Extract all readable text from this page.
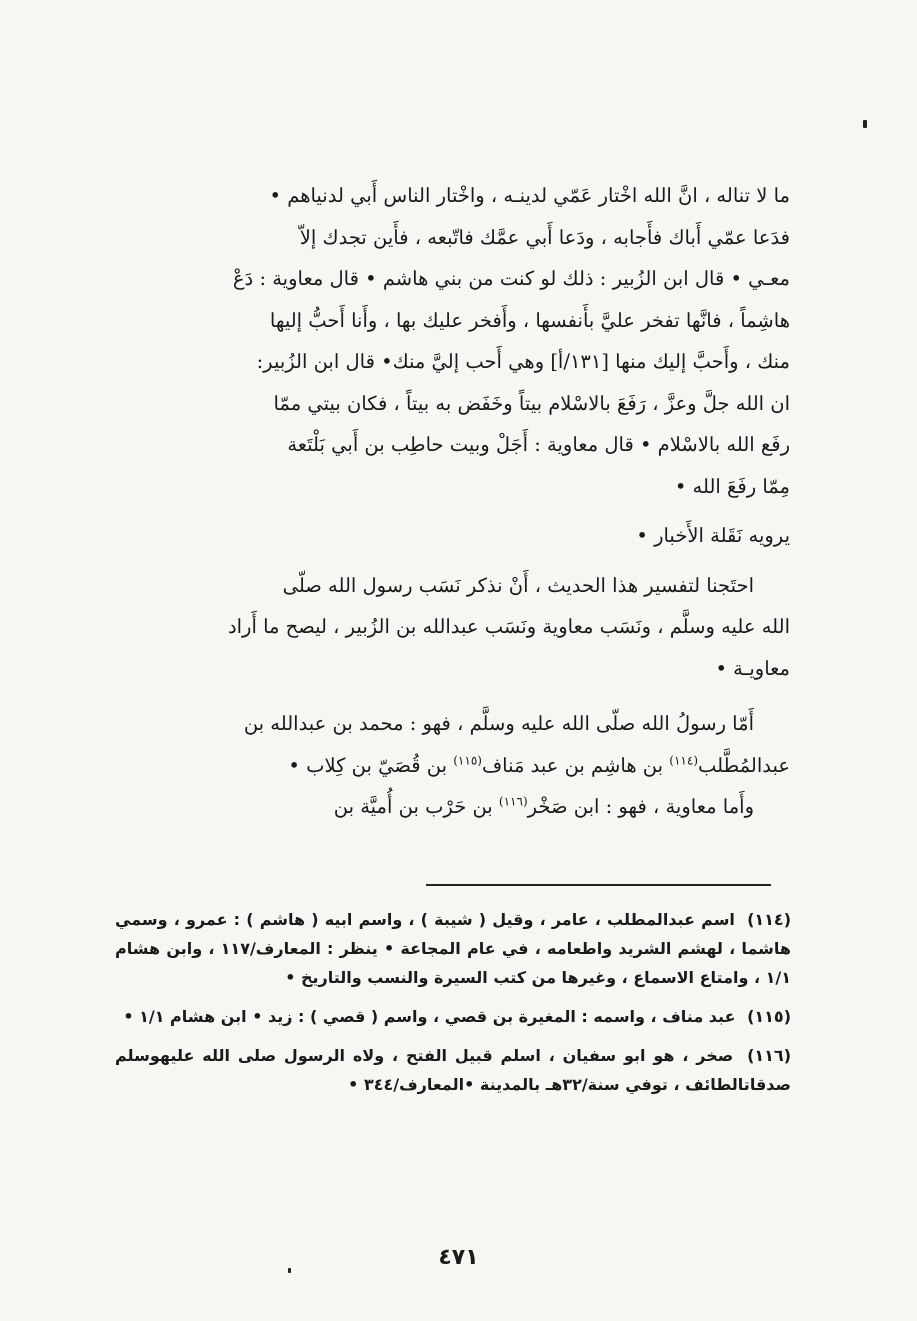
ما لا تناله ، انَّ الله اخْتار عَمّي لدينـه ، واخْتار الناس أَبي لدنياهم •
فدَعا عمّي أَباك فأَجابه ، ودَعا أَبي عمَّك فاتّبعه ، فأَين تجدك إلاّ
معـي • قال ابن الزُبير : ذلك لو كنت من بني هاشم • قال معاوية : دَعْ
هاشِماً ، فانَّها تفخر عليَّ بأَنفسها ، وأَفخر عليك بها ، وأَنا أَحبُّ إليها
منك ، وأَحبَّ إليك منها [١٣١/أ] وهي أَحب إليَّ منك• قال ابن الزُبير:
ان الله جلَّ وعزَّ ، رَفَعَ بالاسْلام بيتاً وخَفَض به بيتاً ، فكان بيتي ممّا
رفَع الله بالاسْلام • قال معاوية : أَجَلْ وبيت حاطِب بن أَبي بَلْتَعة
مِمّا رفَعَ الله •
يرويه نَقَلة الأَخبار •
احتَجنا لتفسير هذا الحديث ، أَنْ نذكر نَسَب رسول الله صلّى
الله عليه وسلَّم ، ونَسَب معاوية ونَسَب عبدالله بن الزُبير ، ليصح ما أَراد
معاويـة •
أَمّا رسولُ الله صلّى الله عليه وسلَّم ، فهو : محمد بن عبدالله بن
عبدالمُطَّلب$^{(١١٤)}$ بن هاشِم بن عبد مَناف$^{(١١٥)}$ بن قُصَيّ بن كِلاب •
وأَما معاوية ، فهو : ابن صَخْر$^{(١١٦)}$ بن حَرْب بن أُميَّة بن

(١١٤) اسم عبدالمطلب ، عامر ، وقيل ( شيبة ) ، واسم ابيه ( هاشم ) : عمرو ، وسمي هاشما ، لهشم الشريد واطعامه ، في عام المجاعة • ينظر : المعارف/١١٧ ، وابن هشام ١/١ ، وامتاع الاسماع ، وغيرها من كتب السيرة والنسب والتاريخ •

(١١٥) عبد مناف ، واسمه : المغيرة بن قصي ، واسم ( قصي ) : زيد • ابن هشام ١/١ •

(١١٦) صخر ، هو ابو سفيان ، اسلم قبيل الفتح ، ولاه الرسول صلى الله عليهوسلم صدقاتالطائف ، توفي سنة/٣٢هـ بالمدينة •المعارف/٣٤٤ •

٤٧١
